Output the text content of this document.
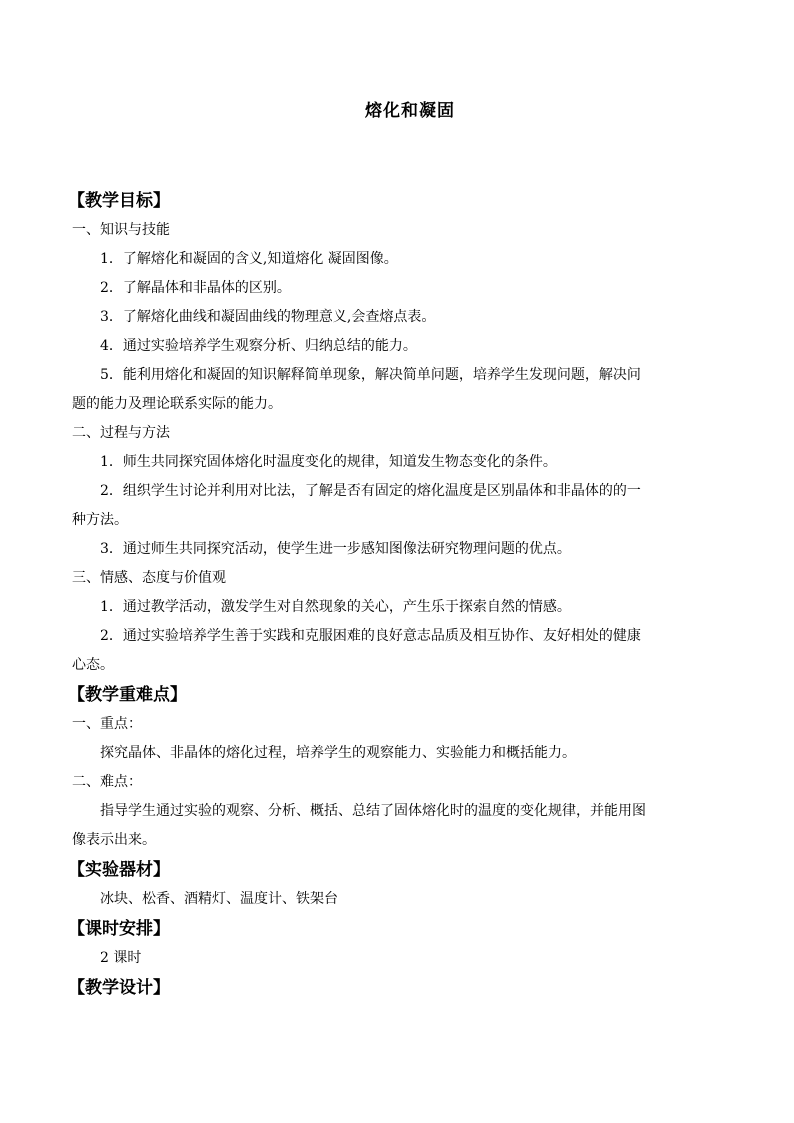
熔化和凝固
【教学目标】
一、知识与技能
1．了解熔化和凝固的含义,知道熔化 凝固图像。
2．了解晶体和非晶体的区别。
3．了解熔化曲线和凝固曲线的物理意义,会查熔点表。
4．通过实验培养学生观察分析、归纳总结的能力。
5．能利用熔化和凝固的知识解释简单现象，解决简单问题，培养学生发现问题，解决问
题的能力及理论联系实际的能力。
二、过程与方法
1．师生共同探究固体熔化时温度变化的规律，知道发生物态变化的条件。
2．组织学生讨论并利用对比法，了解是否有固定的熔化温度是区别晶体和非晶体的的一
种方法。
3．通过师生共同探究活动，使学生进一步感知图像法研究物理问题的优点。
三、情感、态度与价值观
1．通过教学活动，激发学生对自然现象的关心，产生乐于探索自然的情感。
2．通过实验培养学生善于实践和克服困难的良好意志品质及相互协作、友好相处的健康
心态。
【教学重难点】
一、重点：
探究晶体、非晶体的熔化过程，培养学生的观察能力、实验能力和概括能力。
二、难点：
指导学生通过实验的观察、分析、概括、总结了固体熔化时的温度的变化规律，并能用图
像表示出来。
【实验器材】
冰块、松香、酒精灯、温度计、铁架台
【课时安排】
2 课时
【教学设计】
